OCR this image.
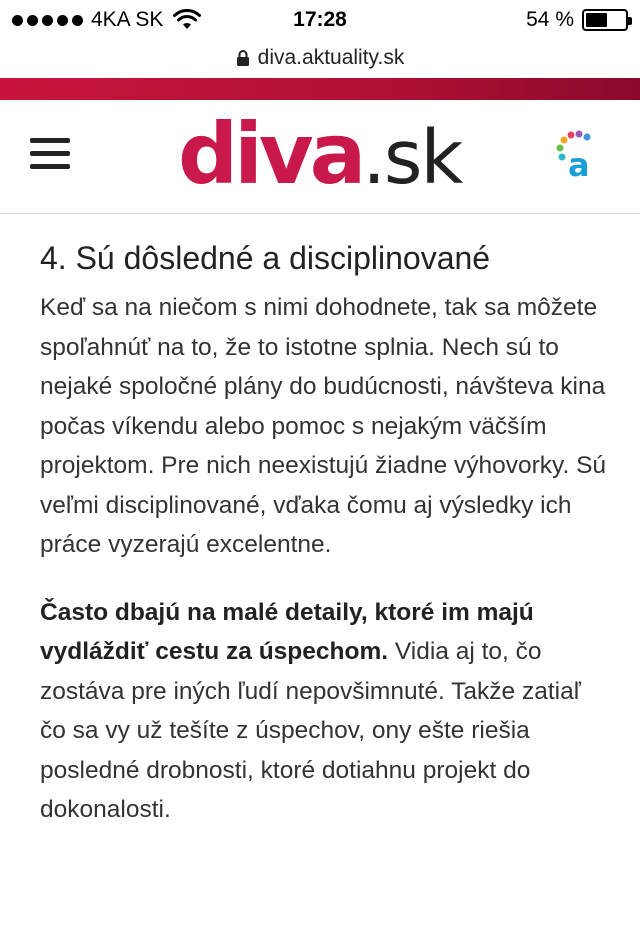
4KA SK	17:28	54 %
diva.aktuality.sk
diva .sk	a
4. Sú dôsledné a disciplinované

Keď sa na niečom s nimi dohodnete, tak sa môžete spoľahnúť na to, že to istotne splnia. Nech sú to nejaké spoločné plány do budúcnosti, návšteva kina počas víkendu alebo pomoc s nejakým väčším projektom. Pre nich neexistujú žiadne výhovorky. Sú veľmi disciplinované, vďaka čomu aj výsledky ich práce vyzerajú excelentne.

Často dbajú na malé detaily, ktoré im majú vydláždiť cestu za úspechom. Vidia aj to, čo zostáva pre iných ľudí nepovšimnuté. Takže zatiaľ čo sa vy už tešíte z úspechov, ony ešte riešia posledné drobnosti, ktoré dotiahnu projekt do dokonalosti.
